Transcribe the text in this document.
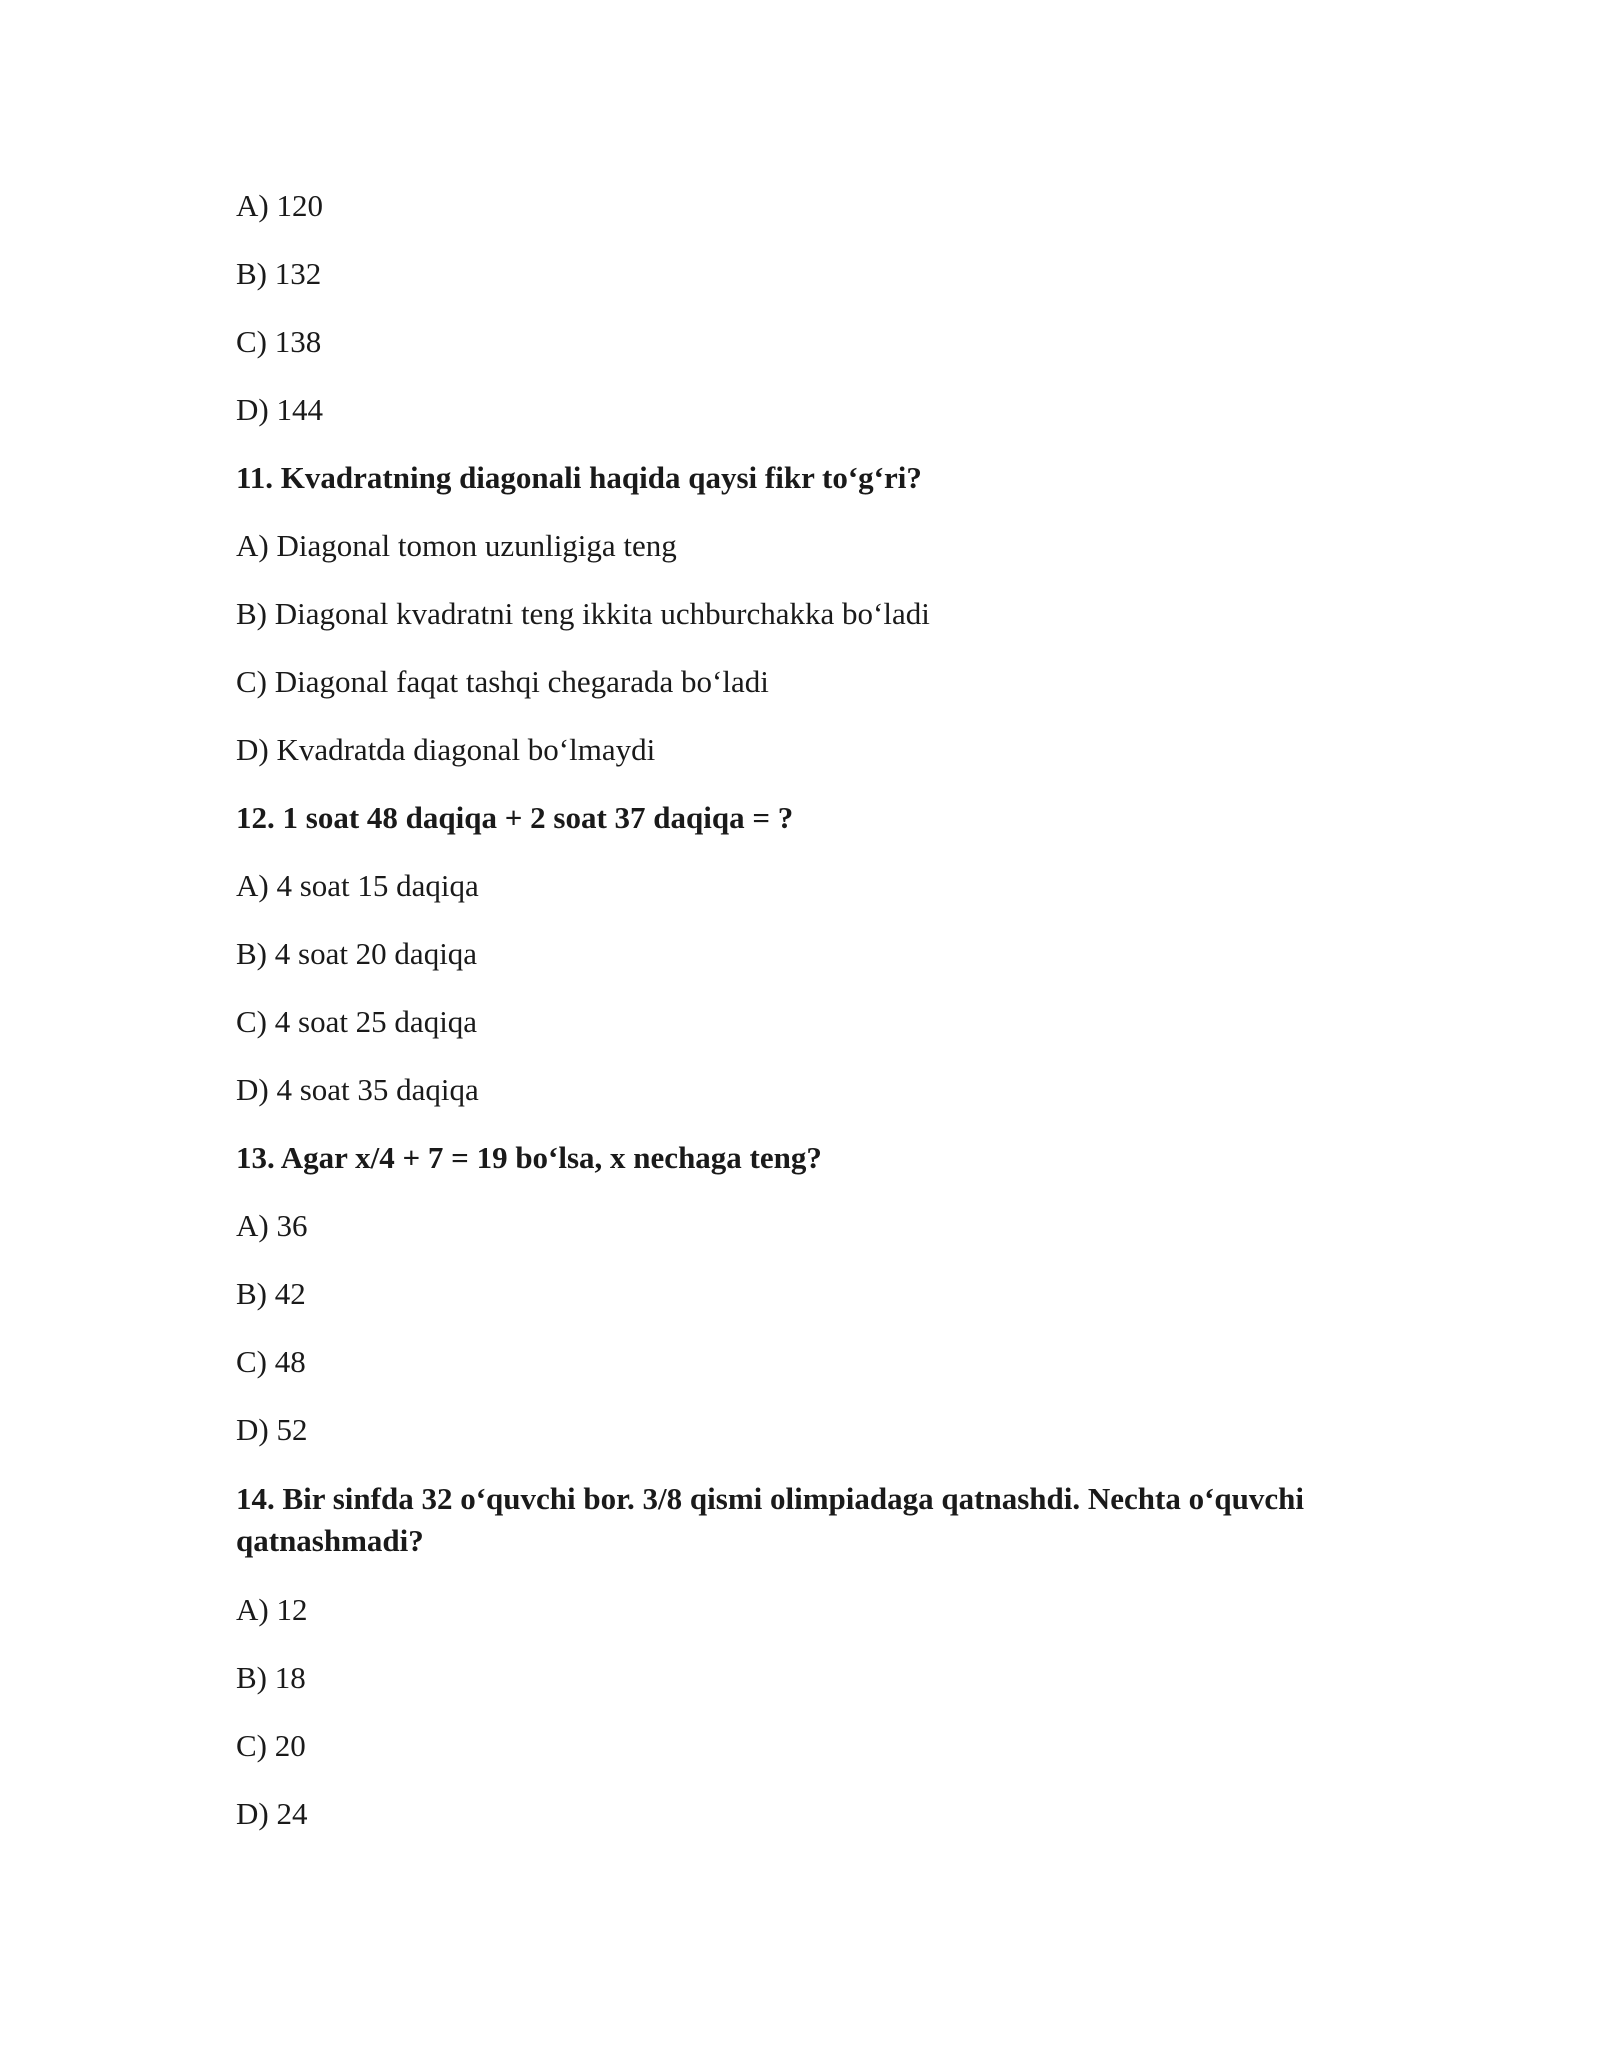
A) 120

B) 132

C) 138

D) 144

11. Kvadratning diagonali haqida qaysi fikr to‘g‘ri?

A) Diagonal tomon uzunligiga teng

B) Diagonal kvadratni teng ikkita uchburchakka bo‘ladi

C) Diagonal faqat tashqi chegarada bo‘ladi

D) Kvadratda diagonal bo‘lmaydi

12. 1 soat 48 daqiqa + 2 soat 37 daqiqa = ?

A) 4 soat 15 daqiqa

B) 4 soat 20 daqiqa

C) 4 soat 25 daqiqa

D) 4 soat 35 daqiqa

13. Agar x/4 + 7 = 19 bo‘lsa, x nechaga teng?

A) 36

B) 42

C) 48

D) 52

14. Bir sinfda 32 o‘quvchi bor. 3/8 qismi olimpiadaga qatnashdi. Nechta o‘quvchi qatnashmadi?

A) 12

B) 18

C) 20

D) 24
